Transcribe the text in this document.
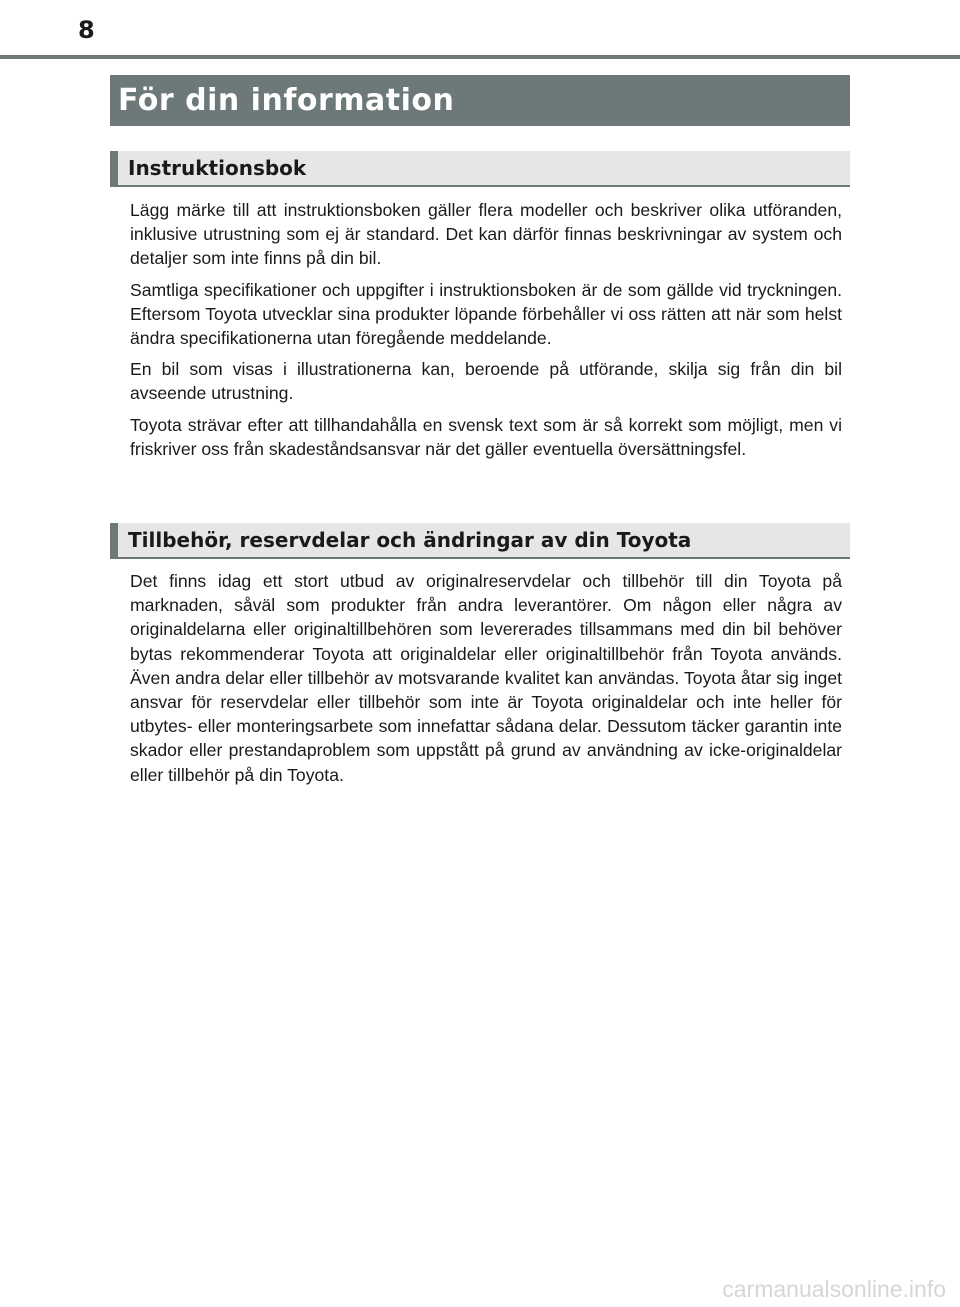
8
För din information
Instruktionsbok

Lägg märke till att instruktionsboken gäller flera modeller och beskriver olika utföranden, inklusive utrustning som ej är standard. Det kan därför finnas beskrivningar av system och detaljer som inte finns på din bil.

Samtliga specifikationer och uppgifter i instruktionsboken är de som gällde vid tryckningen. Eftersom Toyota utvecklar sina produkter löpande förbehåller vi oss rätten att när som helst ändra specifikationerna utan föregående meddelande.

En bil som visas i illustrationerna kan, beroende på utförande, skilja sig från din bil avseende utrustning.

Toyota strävar efter att tillhandahålla en svensk text som är så korrekt som möjligt, men vi friskriver oss från skadeståndsansvar när det gäller eventuella översättningsfel.

Tillbehör, reservdelar och ändringar av din Toyota

Det finns idag ett stort utbud av originalreservdelar och tillbehör till din Toyota på marknaden, såväl som produkter från andra leverantörer. Om någon eller några av originaldelarna eller originaltillbehören som levererades tillsammans med din bil behöver bytas rekommenderar Toyota att originaldelar eller originaltillbehör från Toyota används. Även andra delar eller tillbehör av motsvarande kvalitet kan användas. Toyota åtar sig inget ansvar för reservdelar eller tillbehör som inte är Toyota originaldelar och inte heller för utbytes- eller monteringsarbete som innefattar sådana delar. Dessutom täcker garantin inte skador eller prestandaproblem som uppstått på grund av användning av icke-originaldelar eller tillbehör på din Toyota.

carmanualsonline.info
